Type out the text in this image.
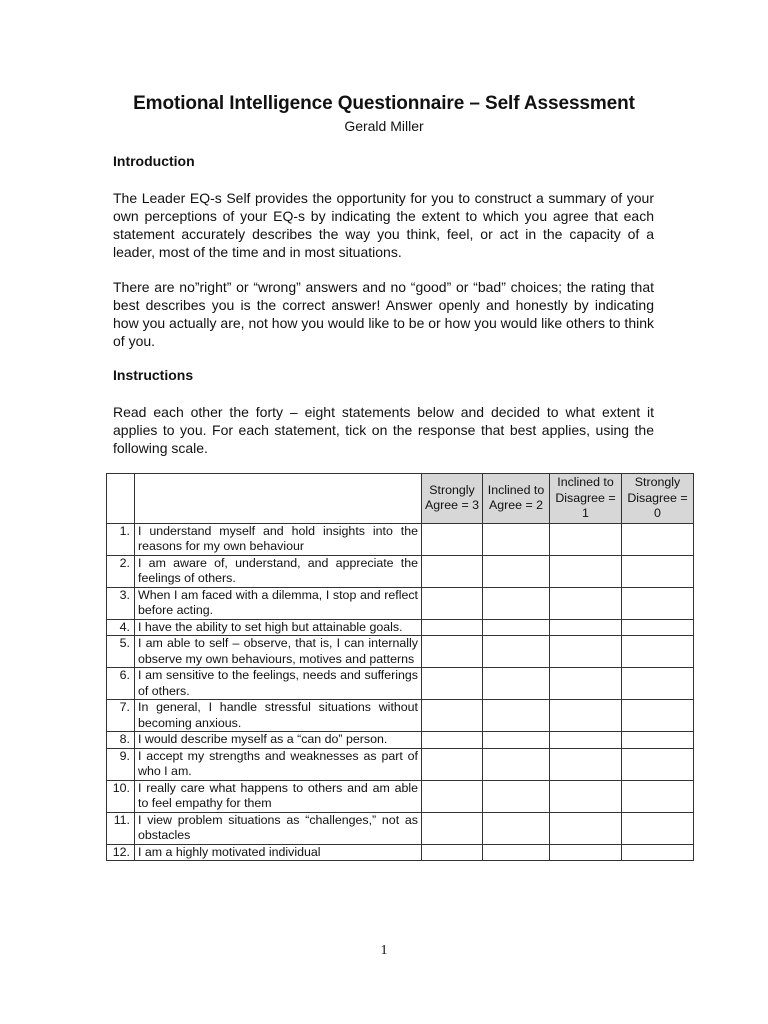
Emotional Intelligence Questionnaire – Self Assessment
Gerald Miller
Introduction

The Leader EQ-s Self provides the opportunity for you to construct a summary of your own perceptions of your EQ-s by indicating the extent to which you agree that each statement accurately describes the way you think, feel, or act in the capacity of a leader, most of the time and in most situations.

There are no”right” or “wrong” answers and no “good” or “bad” choices; the rating that best describes you is the correct answer! Answer openly and honestly by indicating how you actually are, not how you would like to be or how you would like others to think of you.

Instructions

Read each other the forty – eight statements below and decided to what extent it applies to you. For each statement, tick on the response that best applies, using the following scale.

		Strongly Agree = 3	Inclined to Agree = 2	Inclined to Disagree = 1	Strongly Disagree = 0
1.	I understand myself and hold insights into the reasons for my own behaviour				
2.	I am aware of, understand, and appreciate the feelings of others.				
3.	When I am faced with a dilemma, I stop and reflect before acting.				
4.	I have the ability to set high but attainable goals.				
5.	I am able to self – observe, that is, I can internally observe my own behaviours, motives and patterns				
6.	I am sensitive to the feelings, needs and sufferings of others.				
7.	In general, I handle stressful situations without becoming anxious.				
8.	I would describe myself as a “can do” person.				
9.	I accept my strengths and weaknesses as part of who I am.				
10.	I really care what happens to others and am able to feel empathy for them				
11.	I view problem situations as “challenges,” not as obstacles				
12.	I am a highly motivated individual				
1
